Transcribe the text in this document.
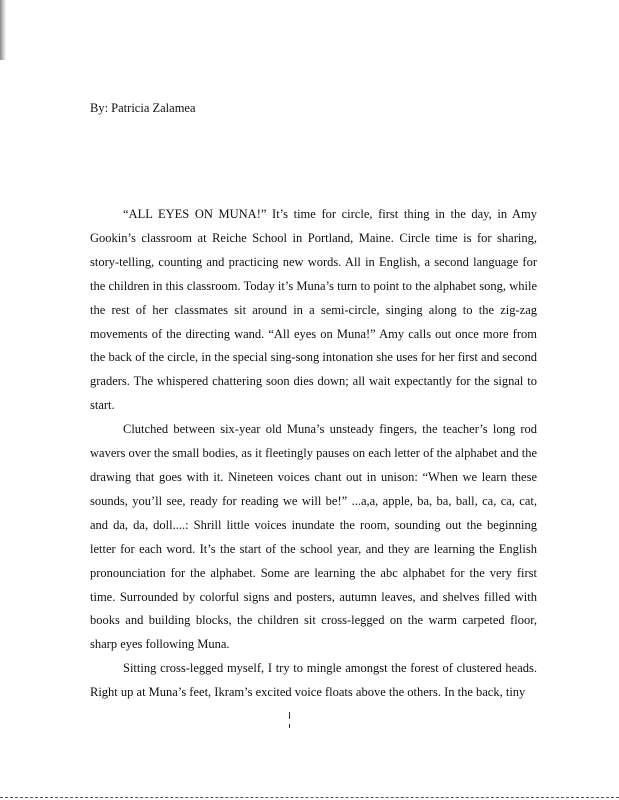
By: Patricia Zalamea

“ALL EYES ON MUNA!” It’s time for circle, first thing in the day, in Amy Gookin’s classroom at Reiche School in Portland, Maine. Circle time is for sharing, story-telling, counting and practicing new words. All in English, a second language for the children in this classroom. Today it’s Muna’s turn to point to the alphabet song, while the rest of her classmates sit around in a semi-circle, singing along to the zig-zag movements of the directing wand. “All eyes on Muna!” Amy calls out once more from the back of the circle, in the special sing-song intonation she uses for her first and second graders. The whispered chattering soon dies down; all wait expectantly for the signal to start.

Clutched between six-year old Muna’s unsteady fingers, the teacher’s long rod wavers over the small bodies, as it fleetingly pauses on each letter of the alphabet and the drawing that goes with it. Nineteen voices chant out in unison: “When we learn these sounds, you’ll see, ready for reading we will be!” ...a,a, apple, ba, ba, ball, ca, ca, cat, and da, da, doll....: Shrill little voices inundate the room, sounding out the beginning letter for each word. It’s the start of the school year, and they are learning the English pronounciation for the alphabet. Some are learning the abc alphabet for the very first time. Surrounded by colorful signs and posters, autumn leaves, and shelves filled with books and building blocks, the children sit cross-legged on the warm carpeted floor, sharp eyes following Muna.

Sitting cross-legged myself, I try to mingle amongst the forest of clustered heads. Right up at Muna’s feet, Ikram’s excited voice floats above the others. In the back, tiny
